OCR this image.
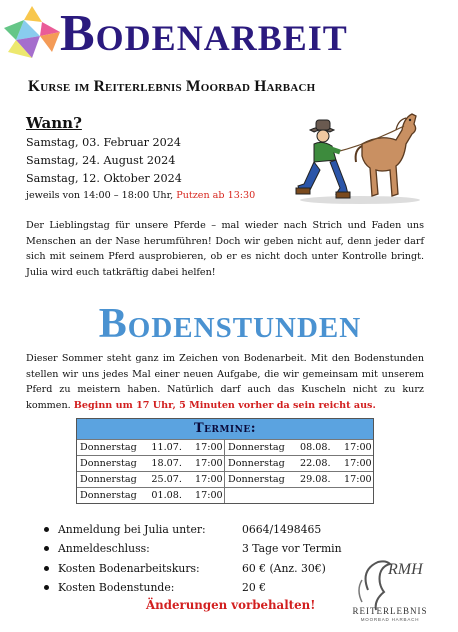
Bodenarbeit
Kurse im Reiterlebnis Moorbad Harbach
Wann?
Samstag, 03. Februar 2024
Samstag, 24. August 2024
Samstag, 12. Oktober 2024
jeweils von 14:00 – 18:00 Uhr, Putzen ab 13:30
Der Lieblingstag für unsere Pferde – mal wieder nach Strich und Faden uns Menschen an der Nase herumführen! Doch wir geben nicht auf, denn jeder darf sich mit seinem Pferd ausprobieren, ob er es nicht doch unter Kontrolle bringt. Julia wird euch tatkräftig dabei helfen!
Bodenstunden
Dieser Sommer steht ganz im Zeichen von Bodenarbeit. Mit den Bodenstunden stellen wir uns jedes Mal einer neuen Aufgabe, die wir gemeinsam mit unserem Pferd zu meistern haben. Natürlich darf auch das Kuscheln nicht zu kurz kommen. Beginn um 17 Uhr, 5 Minuten vorher da sein reicht aus.
Termine:
Donnerstag	11.07.	17:00 Donnerstag	08.08.	17:00
Donnerstag	18.07.	17:00 Donnerstag	22.08.	17:00
Donnerstag	25.07.	17:00 Donnerstag	29.08.	17:00
Donnerstag	01.08.	17:00
Anmeldung bei Julia unter:	0664/1498465
Anmeldeschluss:	3 Tage vor Termin
Kosten Bodenarbeitskurs:	60 € (Anz. 30€)
Kosten Bodenstunde:	20 €
Änderungen vorbehalten!
RMH
REITERLEBNIS
MOORBAD HARBACH
